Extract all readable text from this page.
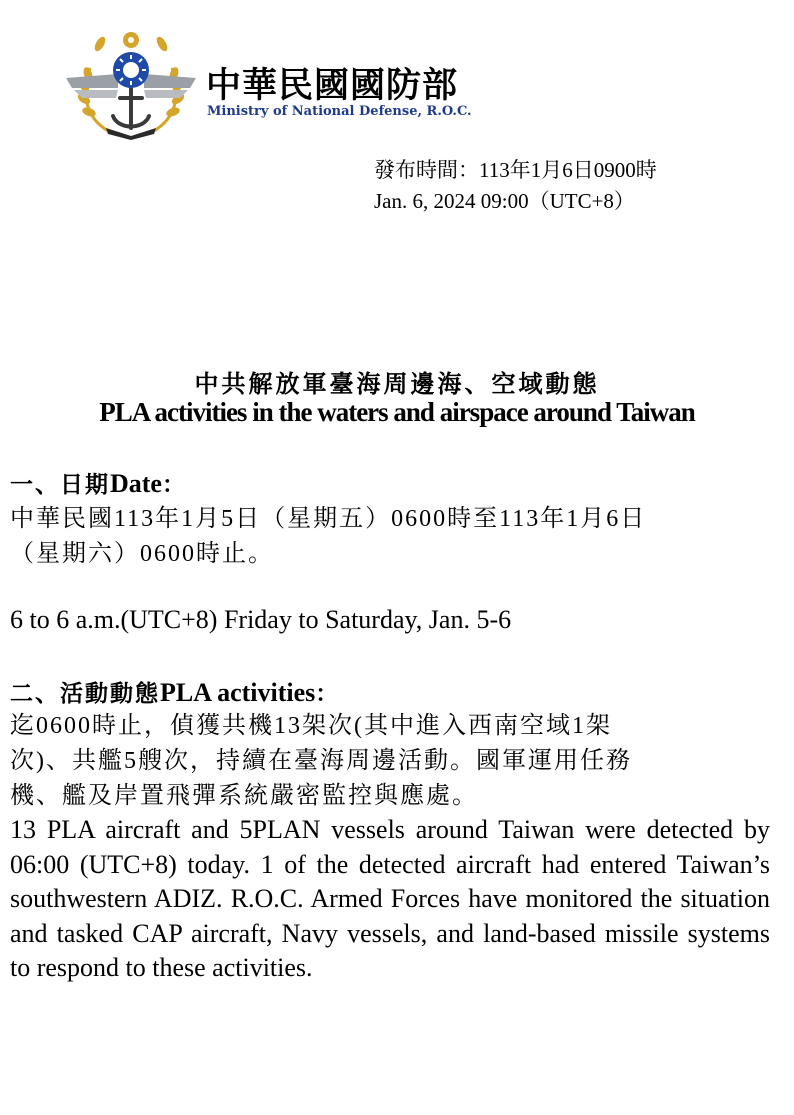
中華民國國防部
Ministry of National Defense, R.O.C.
發布時間：113年1月6日0900時
Jan. 6, 2024 09:00（UTC+8）
中共解放軍臺海周邊海、空域動態
PLA activities in the waters and airspace around Taiwan
一、日期Date：
中華民國113年1月5日（星期五）0600時至113年1月6日
（星期六）0600時止。
6 to 6 a.m.(UTC+8) Friday to Saturday, Jan. 5-6
二、活動動態PLA activities：
迄0600時止，偵獲共機13架次(其中進入西南空域1架
次)、共艦5艘次，持續在臺海周邊活動。國軍運用任務
機、艦及岸置飛彈系統嚴密監控與應處。
13 PLA aircraft and 5PLAN vessels around Taiwan were detected by 06:00 (UTC+8) today. 1 of the detected aircraft had entered Taiwan’s southwestern ADIZ. R.O.C. Armed Forces have monitored the situation and tasked CAP aircraft, Navy vessels, and land-based missile systems to respond to these activities.
